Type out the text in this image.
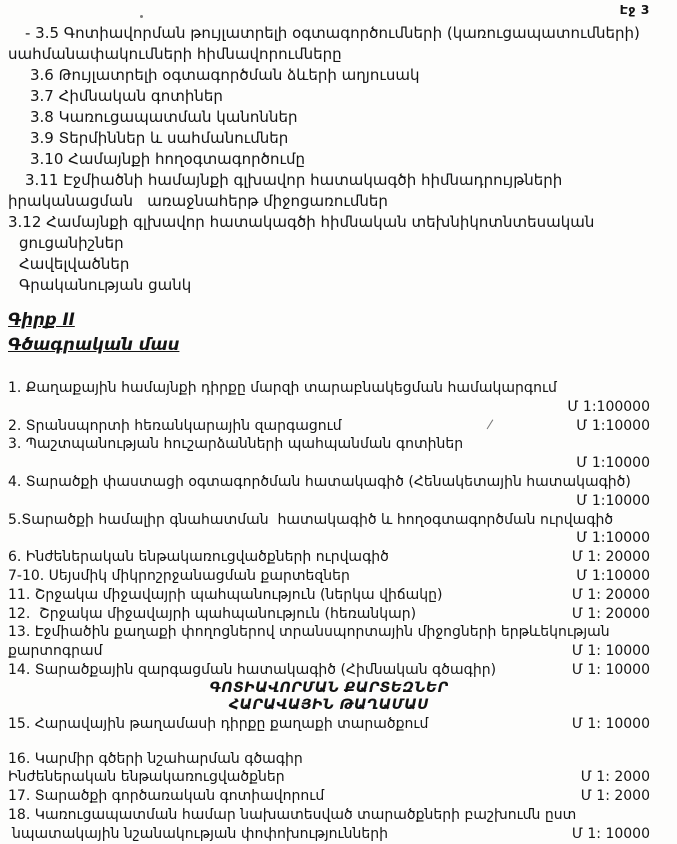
Էջ 3
- 3.5 Գոտիավորման թույլատրելի օգտագործումների (կառուցապատումների)
սահմանափակումների հիմնավորումները
3.6 Թույլատրելի օգտագործման ձևերի աղյուսակ
3.7 Հիմնական գոտիներ
3.8 Կառուցապատման կանոններ
3.9 Տերմիններ և սահմանումներ
3.10 Համայնքի հողօգտագործումը
3.11 Էջմիածնի համայնքի գլխավոր հատակագծի հիմնադրույթների
իրականացման   առաջնահերթ միջոցառումներ
3.12 Համայնքի գլխավոր հատակագծի հիմնական տեխնիկոտնտեսական
ցուցանիշներ
Հավելվածներ
Գրականության ցանկ
Գիրք II
Գծագրական մաս
1. Քաղաքային համայնքի դիրքը մարզի տարաբնակեցման համակարգում
Մ 1:100000
2. Տրանսպորտի հեռանկարային զարգացում	Մ 1:10000
3. Պաշտպանության հուշարձանների պահպանման գոտիներ
Մ 1:10000
4. Տարածքի փաստացի օգտագործման հատակագիծ (Հենակետային հատակագիծ)
Մ 1:10000
5.Տարածքի համալիր գնահատման  հատակագիծ և հողօգտագործման ուրվագիծ
Մ 1:10000
6. Ինժեներական ենթակառուցվածքների ուրվագիծ	Մ 1: 20000
7-10. Սեյսմիկ միկրոշրջանացման քարտեզներ	Մ 1:10000
11. Շրջակա միջավայրի պահպանություն (ներկա վիճակը)	Մ 1: 20000
12.  Շրջակա միջավայրի պահպանություն (հեռանկար)	Մ 1: 20000
13. Էջմիածին քաղաքի փողոցներով տրանսպորտային միջոցների երթևեկության
քարտոգրամ	Մ 1: 10000
14. Տարածքային զարգացման հատակագիծ (Հիմնական գծագիր)	Մ 1: 10000
ԳՈՏԻԱՎՈՐՄԱՆ ՔԱՐՏԵԶՆԵՐ
ՀԱՐԱՎԱՅԻՆ ԹԱՂԱՄԱՍ
15. Հարավային թաղամասի դիրքը քաղաքի տարածքում	Մ 1: 10000
16. Կարմիր գծերի նշահարման գծագիր
Ինժեներական ենթակառուցվածքներ	Մ 1: 2000
17. Տարածքի գործառական գոտիավորում	Մ 1: 2000
18. Կառուցապատման համար նախատեսված տարածքների բաշխումն ըստ
նպատակային նշանակության փոփոխությունների	Մ 1: 10000
